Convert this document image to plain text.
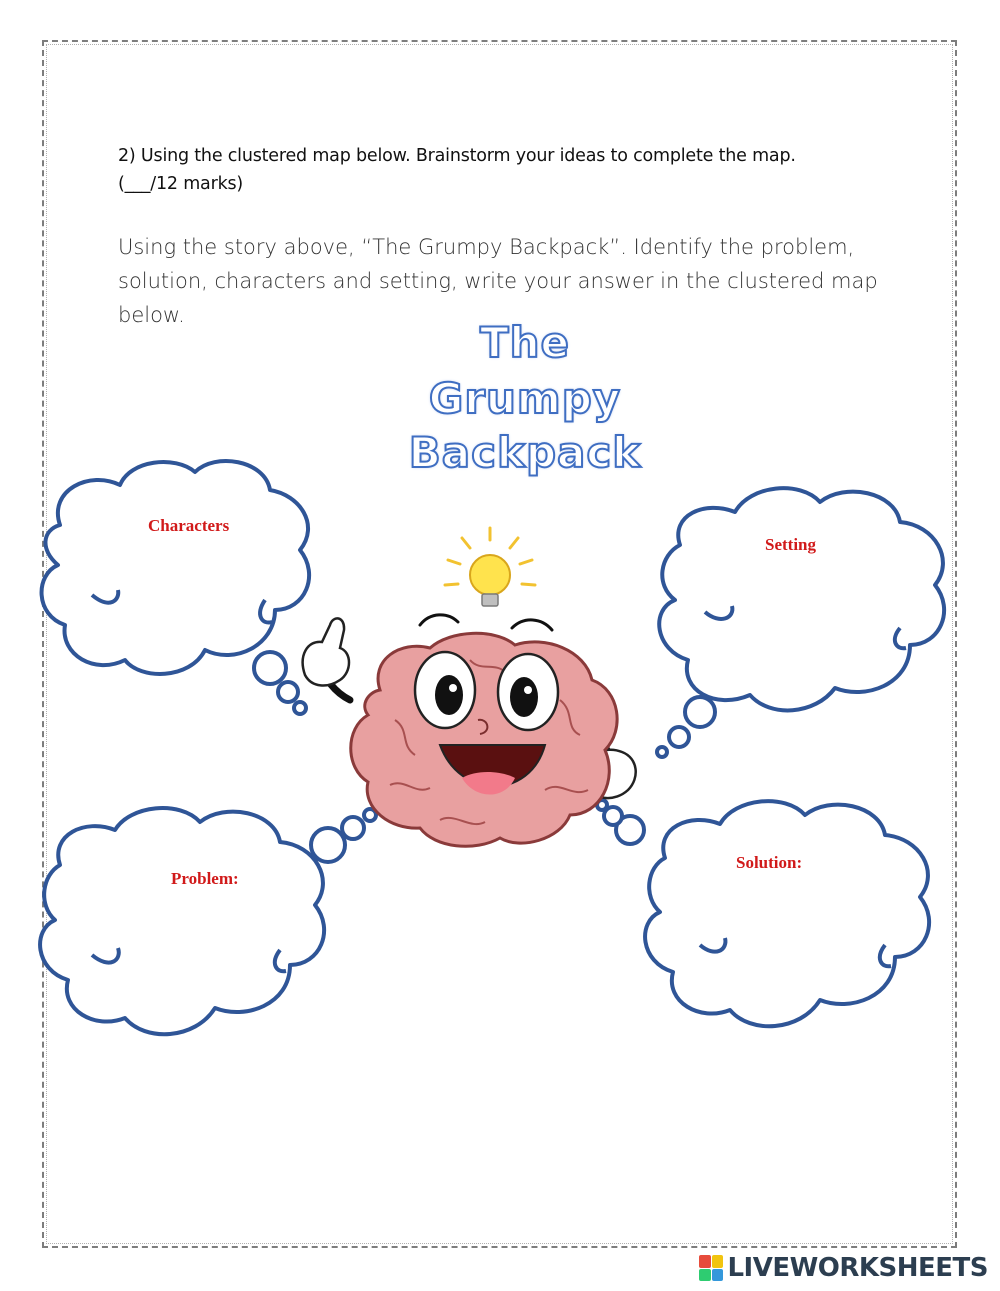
2) Using the clustered map below. Brainstorm your ideas to complete the map.
(___/12 marks)
Using the story above, “The Grumpy Backpack”. Identify the problem, solution, characters and setting, write your answer in the clustered map below.
The
Grumpy
Backpack
Characters
Setting
Problem:
Solution:
LIVEWORKSHEETS
